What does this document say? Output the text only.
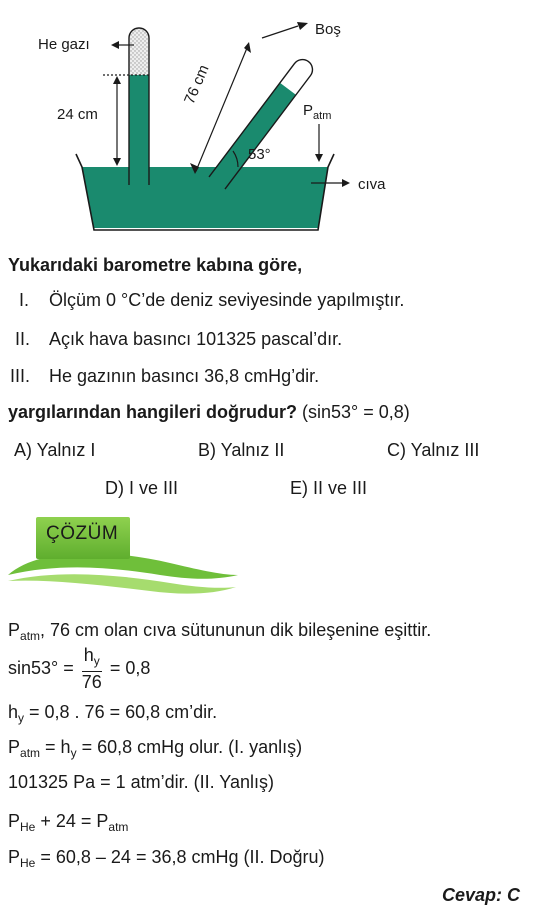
He gazı
Boş
24 cm
76 cm
$P_{atm}$
53°
cıva
Yukarıdaki barometre kabına göre,
I. Ölçüm 0 °C’de deniz seviyesinde yapılmıştır.
II. Açık hava basıncı 101325 pascal’dır.
III. He gazının basıncı 36,8 cmHg’dir.
yargılarından hangileri doğrudur? (sin53° = 0,8)
A) Yalnız I	B) Yalnız II	C) Yalnız III
D) I ve III	E) II ve III
ÇÖZÜM
$P_{atm}$, 76 cm olan cıva sütununun dik bileşenine eşittir.
$\sin 53^\circ = \frac{h_y}{76} = 0,8$
$h_y = 0,8$ . 76 = 60,8 cm’dir.
$P_{atm} = h_y = 60,8$ cmHg olur. (I. yanlış)
101325 Pa = 1 atm’dir. (II. Yanlış)
$P_{He} + 24 = P_{atm}$
$P_{He} = 60,8 - 24 = 36,8$ cmHg (II. Doğru)
Cevap: C
